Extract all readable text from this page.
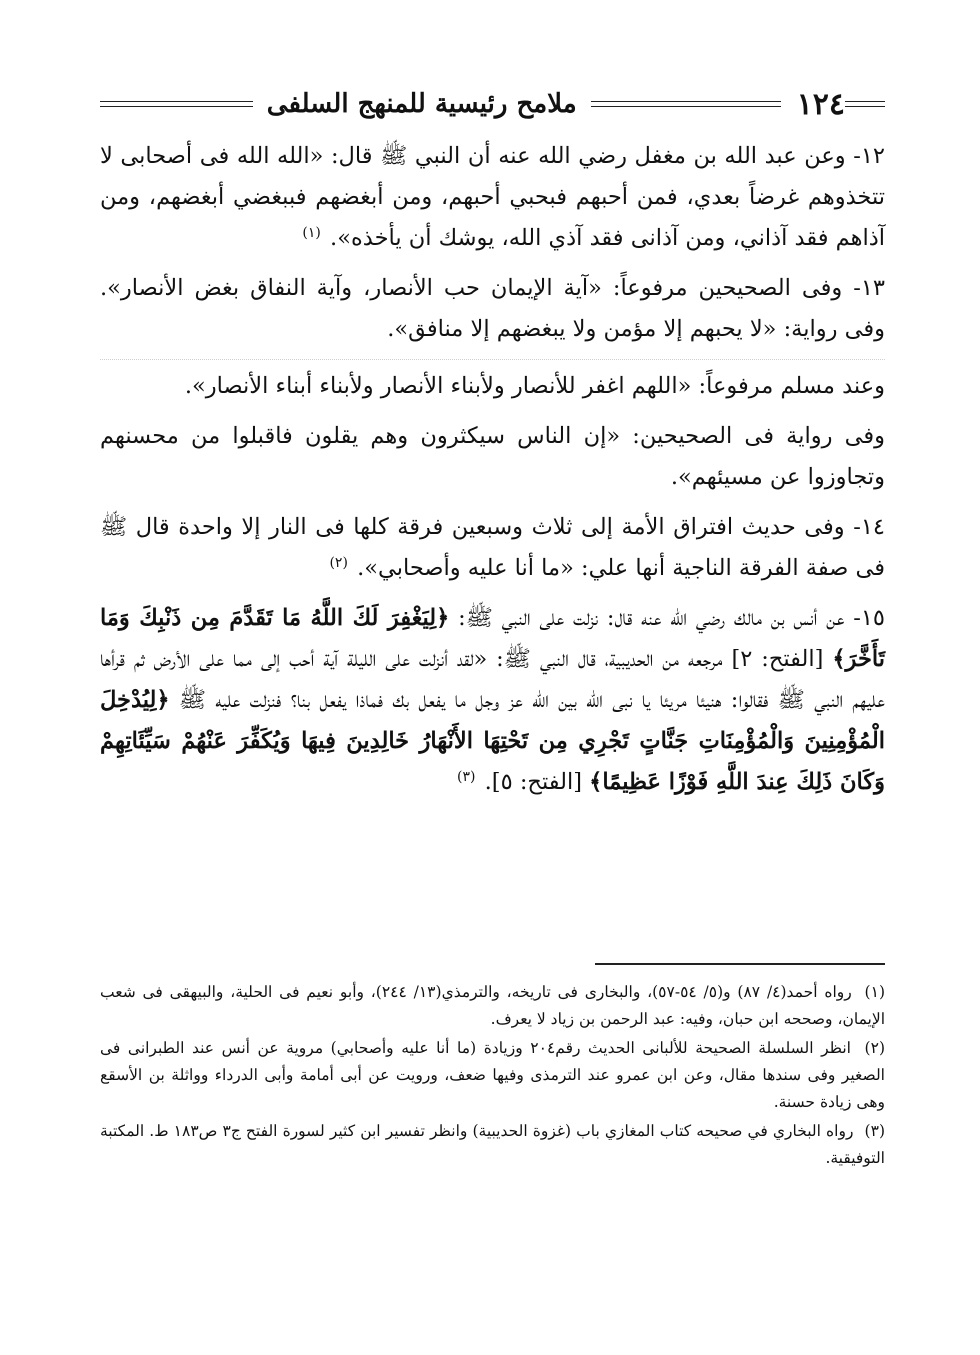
١٢٤
ملامح رئيسية للمنهج السلفى

١٢- وعن عبد الله بن مغفل رضي الله عنه أن النبي ﷺ قال: «الله الله فى أصحابى لا تتخذوهم غرضاً بعدي، فمن أحبهم فبحبي أحبهم، ومن أبغضهم فببغضي أبغضهم، ومن آذاهم فقد آذاني، ومن آذانى فقد آذي الله، يوشك أن يأخذه». $^{(١)}$

١٣- وفى الصحيحين مرفوعاً: «آية الإيمان حب الأنصار، وآية النفاق بغض الأنصار». وفى رواية: «لا يحبهم إلا مؤمن ولا يبغضهم إلا منافق».

وعند مسلم مرفوعاً: «اللهم اغفر للأنصار ولأبناء الأنصار ولأبناء أبناء الأنصار».

وفى رواية فى الصحيحين: «إن الناس سيكثرون وهم يقلون فاقبلوا من محسنهم وتجاوزوا عن مسيئهم».

١٤- وفى حديث افتراق الأمة إلى ثلاث وسبعين فرقة كلها فى النار إلا واحدة قال ﷺ فى صفة الفرقة الناجية أنها علي: «ما أنا عليه وأصحابي». $^{(٢)}$

١٥- عن أنس بن مالك رضي الله عنه قال: نزلت على النبي ﷺ: ﴿لِيَغْفِرَ لَكَ اللَّهُ مَا تَقَدَّمَ مِن ذَنْبِكَ وَمَا تَأَخَّرَ﴾ [الفتح: ٢] مرجعه من الحديبية، قال النبي ﷺ: «لقد أنزلت على الليلة آية أحب إلى مما على الأرض ثم قرأها عليهم النبي ﷺ فقالوا: هنيئا مريئا يا نبى الله بين الله عز وجل ما يفعل بك فماذا يفعل بنا؟ فنزلت عليه ﷺ ﴿لِيُدْخِلَ الْمُؤْمِنِينَ وَالْمُؤْمِنَاتِ جَنَّاتٍ تَجْرِي مِن تَحْتِهَا الأَنْهَارُ خَالِدِينَ فِيهَا وَيُكَفِّرَ عَنْهُمْ سَيِّئَاتِهِمْ وَكَانَ ذَلِكَ عِندَ اللَّهِ فَوْزًا عَظِيمًا﴾ [الفتح: ٥]. $^{(٣)}$

(١) رواه أحمد(٤/ ٨٧) و(٥/ ٥٤-٥٧)، والبخارى فى تاريخه، والترمذي(١٣/ ٢٤٤)، وأبو نعيم فى الحلية، والبيهقى فى شعب الإيمان، وصححه ابن حبان، وفيه: عبد الرحمن بن زياد لا يعرف.

(٢) انظر السلسلة الصحيحة للألبانى الحديث رقم٢٠٤ وزيادة (ما أنا عليه وأصحابي) مروية عن أنس عند الطبرانى فى الصغير وفى سندها مقال، وعن ابن عمرو عند الترمذى وفيها ضعف، ورويت عن أبى أمامة وأبى الدرداء وواثلة بن الأسقع وهى زيادة حسنة.

(٣) رواه البخاري في صحيحه كتاب المغازي باب (غزوة الحديبية) وانظر تفسير ابن كثير لسورة الفتح ج٣ ص١٨٣ ط. المكتبة التوفيقية.
